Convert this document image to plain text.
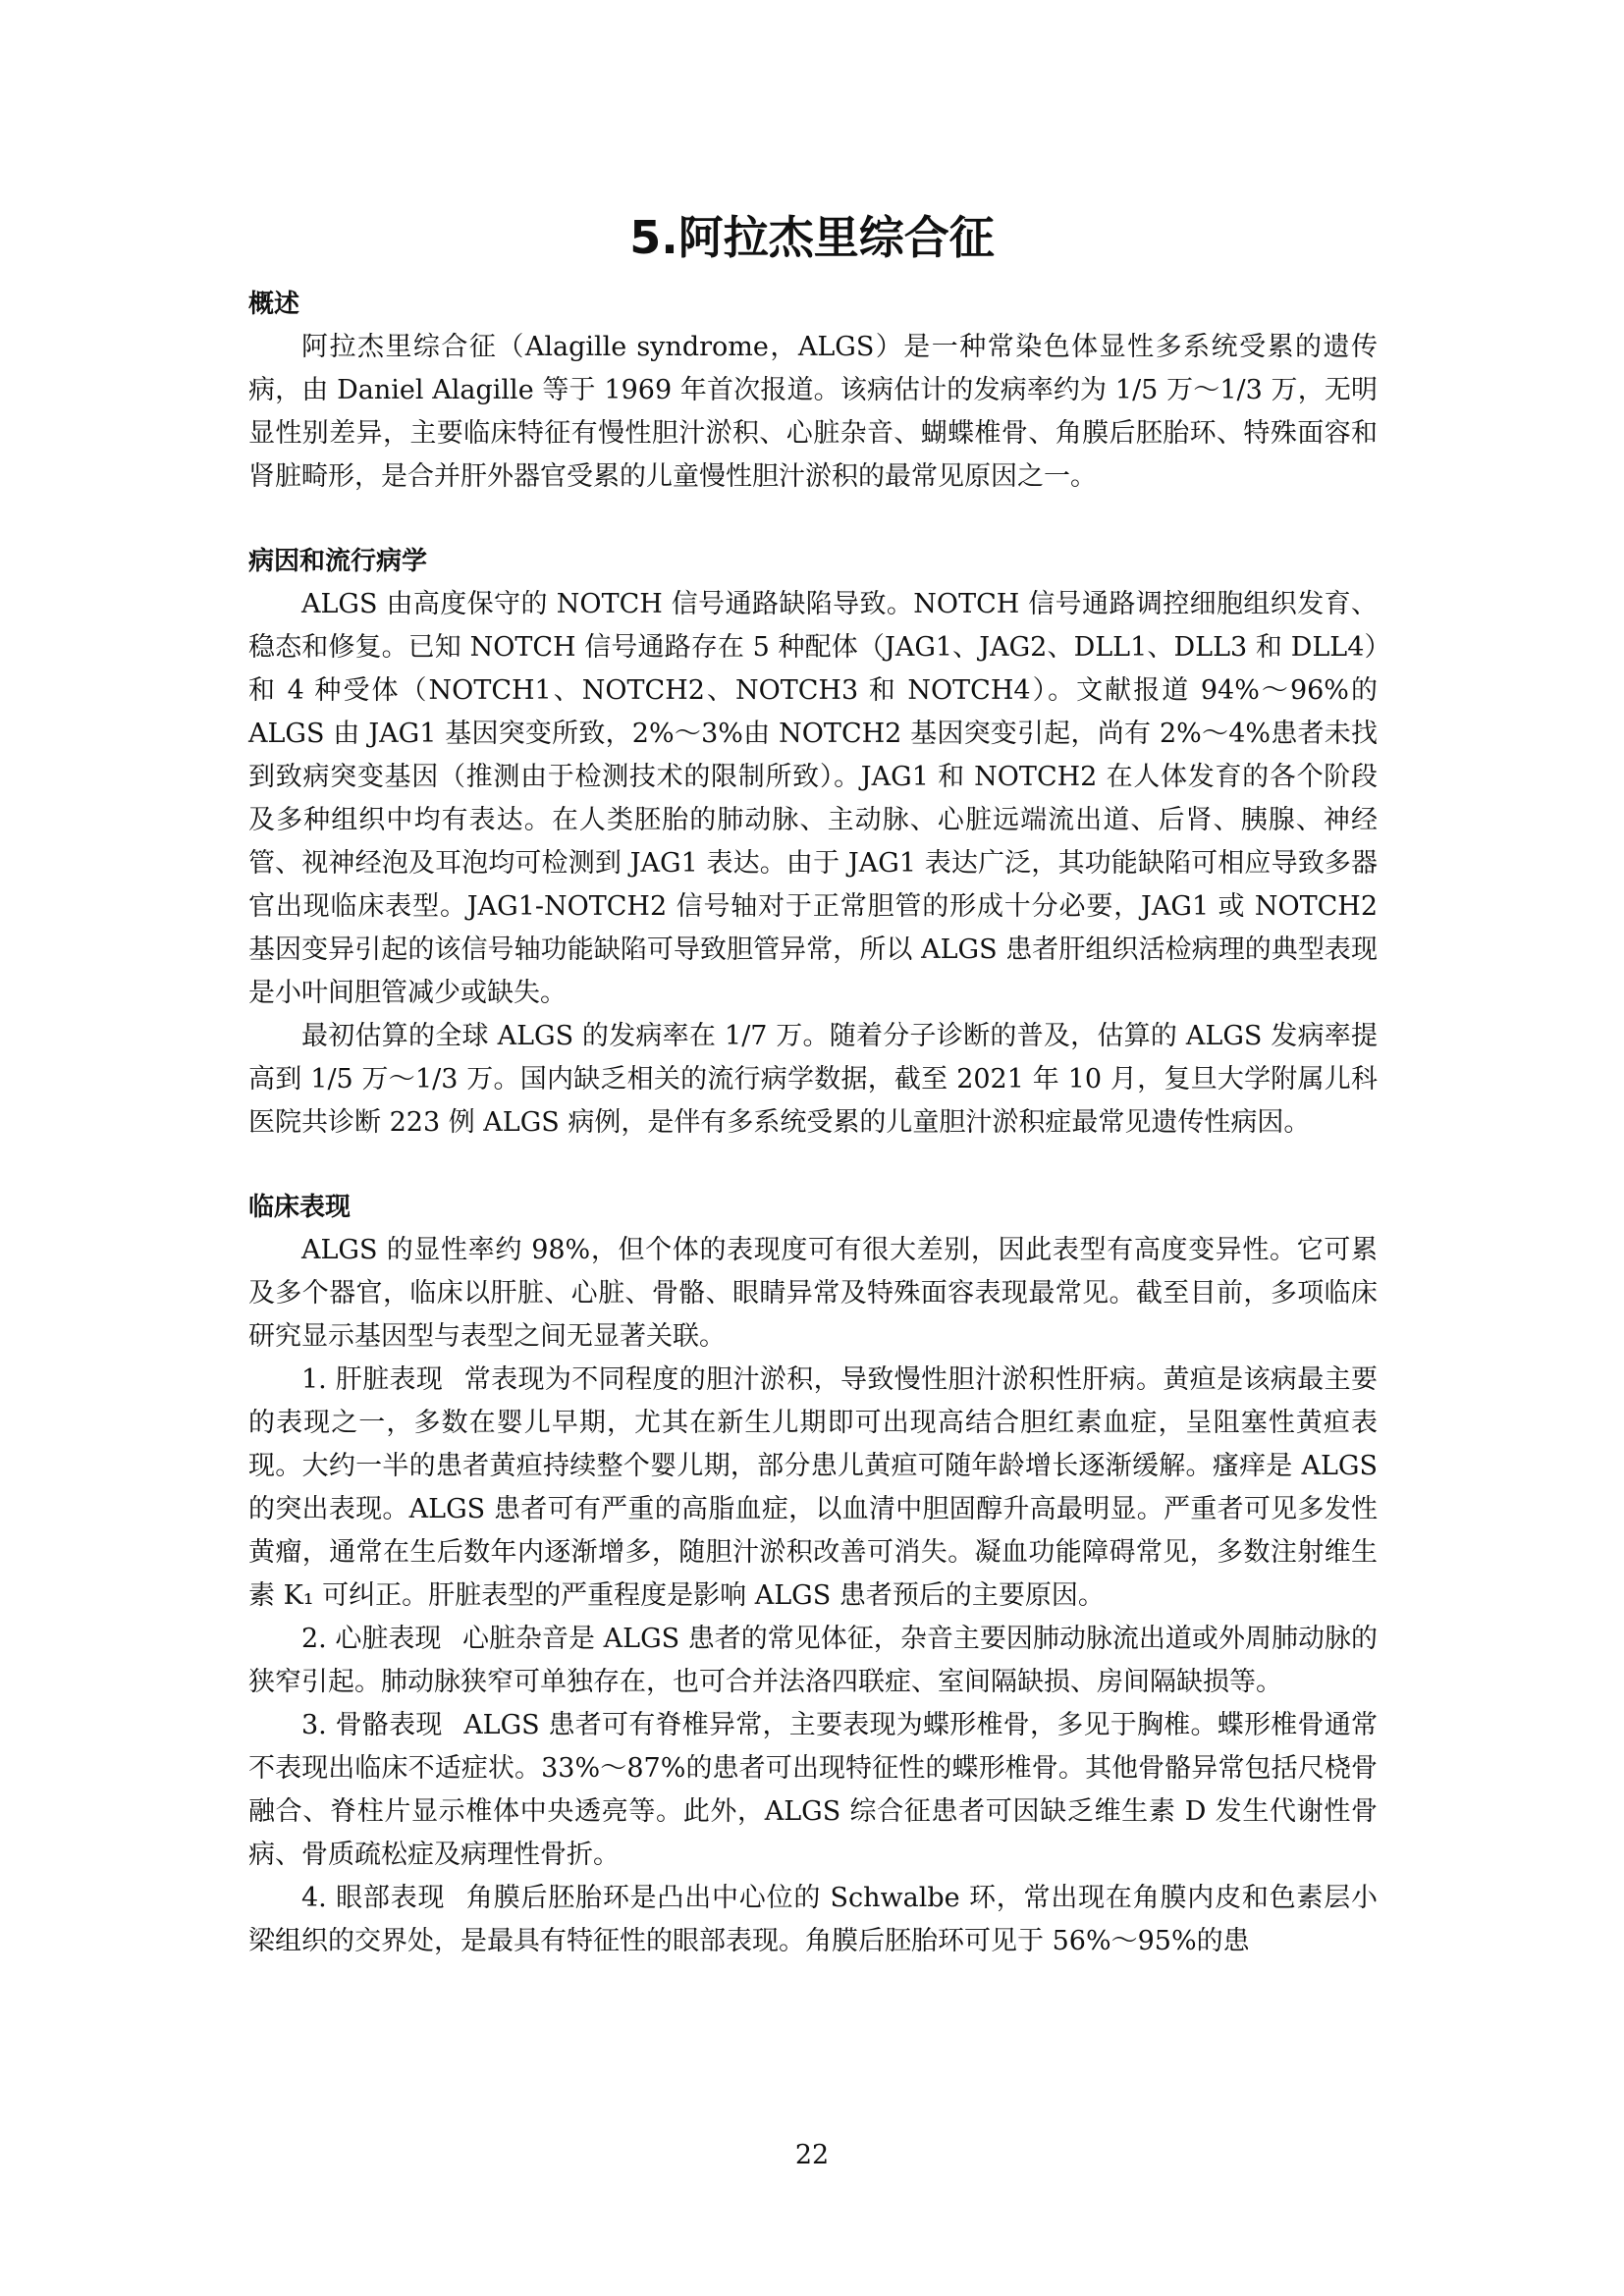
5.阿拉杰里综合征
概述

阿拉杰里综合征（Alagille syndrome，ALGS）是一种常染色体显性多系统受累的遗传病，由 Daniel Alagille 等于 1969 年首次报道。该病估计的发病率约为 1/5 万～1/3 万，无明显性别差异，主要临床特征有慢性胆汁淤积、心脏杂音、蝴蝶椎骨、角膜后胚胎环、特殊面容和肾脏畸形，是合并肝外器官受累的儿童慢性胆汁淤积的最常见原因之一。

病因和流行病学

ALGS 由高度保守的 NOTCH 信号通路缺陷导致。NOTCH 信号通路调控细胞组织发育、稳态和修复。已知 NOTCH 信号通路存在 5 种配体（JAG1、JAG2、DLL1、DLL3 和 DLL4）和 4 种受体（NOTCH1、NOTCH2、NOTCH3 和 NOTCH4）。文献报道 94%～96%的 ALGS 由 JAG1 基因突变所致，2%～3%由 NOTCH2 基因突变引起，尚有 2%～4%患者未找到致病突变基因（推测由于检测技术的限制所致）。JAG1 和 NOTCH2 在人体发育的各个阶段及多种组织中均有表达。在人类胚胎的肺动脉、主动脉、心脏远端流出道、后肾、胰腺、神经管、视神经泡及耳泡均可检测到 JAG1 表达。由于 JAG1 表达广泛，其功能缺陷可相应导致多器官出现临床表型。JAG1-NOTCH2 信号轴对于正常胆管的形成十分必要，JAG1 或 NOTCH2 基因变异引起的该信号轴功能缺陷可导致胆管异常，所以 ALGS 患者肝组织活检病理的典型表现是小叶间胆管减少或缺失。

最初估算的全球 ALGS 的发病率在 1/7 万。随着分子诊断的普及，估算的 ALGS 发病率提高到 1/5 万～1/3 万。国内缺乏相关的流行病学数据，截至 2021 年 10 月，复旦大学附属儿科医院共诊断 223 例 ALGS 病例，是伴有多系统受累的儿童胆汁淤积症最常见遗传性病因。

临床表现

ALGS 的显性率约 98%，但个体的表现度可有很大差别，因此表型有高度变异性。它可累及多个器官，临床以肝脏、心脏、骨骼、眼睛异常及特殊面容表现最常见。截至目前，多项临床研究显示基因型与表型之间无显著关联。

1. 肝脏表现 常表现为不同程度的胆汁淤积，导致慢性胆汁淤积性肝病。黄疸是该病最主要的表现之一，多数在婴儿早期，尤其在新生儿期即可出现高结合胆红素血症，呈阻塞性黄疸表现。大约一半的患者黄疸持续整个婴儿期，部分患儿黄疸可随年龄增长逐渐缓解。瘙痒是 ALGS 的突出表现。ALGS 患者可有严重的高脂血症，以血清中胆固醇升高最明显。严重者可见多发性黄瘤，通常在生后数年内逐渐增多，随胆汁淤积改善可消失。凝血功能障碍常见，多数注射维生素 K₁ 可纠正。肝脏表型的严重程度是影响 ALGS 患者预后的主要原因。

2. 心脏表现 心脏杂音是 ALGS 患者的常见体征，杂音主要因肺动脉流出道或外周肺动脉的狭窄引起。肺动脉狭窄可单独存在，也可合并法洛四联症、室间隔缺损、房间隔缺损等。

3. 骨骼表现 ALGS 患者可有脊椎异常，主要表现为蝶形椎骨，多见于胸椎。蝶形椎骨通常不表现出临床不适症状。33%～87%的患者可出现特征性的蝶形椎骨。其他骨骼异常包括尺桡骨融合、脊柱片显示椎体中央透亮等。此外，ALGS 综合征患者可因缺乏维生素 D 发生代谢性骨病、骨质疏松症及病理性骨折。

4. 眼部表现 角膜后胚胎环是凸出中心位的 Schwalbe 环，常出现在角膜内皮和色素层小梁组织的交界处，是最具有特征性的眼部表现。角膜后胚胎环可见于 56%～95%的患

22
